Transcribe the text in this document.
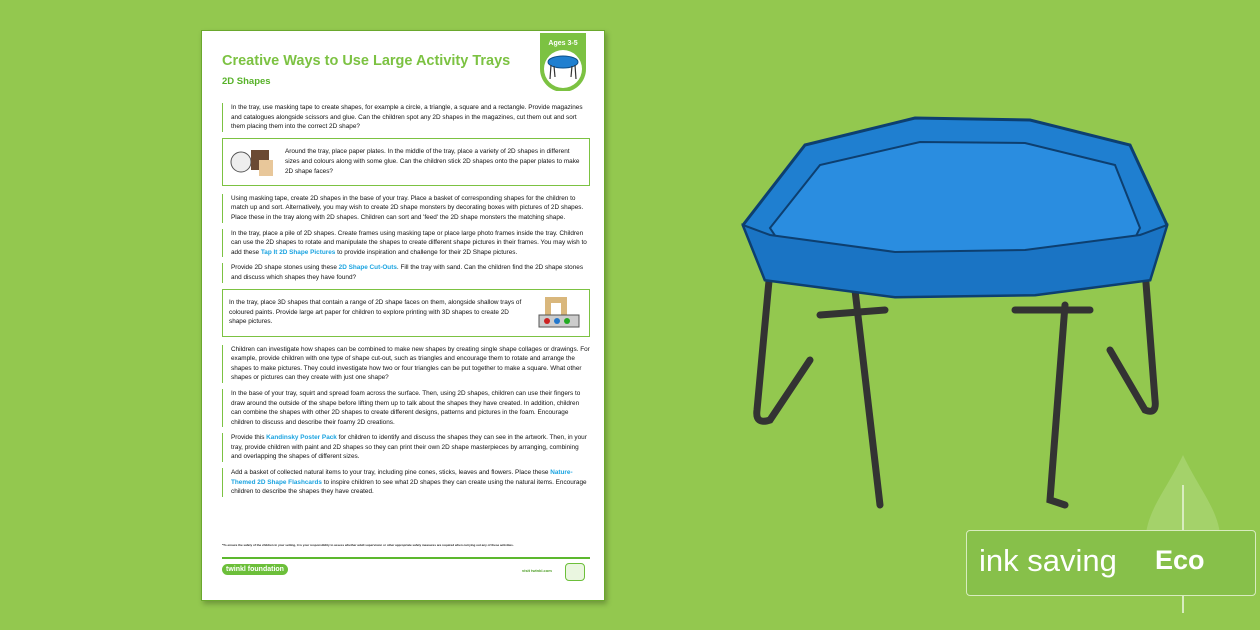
Creative Ways to Use Large Activity Trays
2D Shapes
Ages 3-5
In the tray, use masking tape to create shapes, for example a circle, a triangle, a square and a rectangle. Provide magazines and catalogues alongside scissors and glue. Can the children spot any 2D shapes in the magazines, cut them out and sort them placing them into the correct 2D shape?
Around the tray, place paper plates. In the middle of the tray, place a variety of 2D shapes in different sizes and colours along with some glue. Can the children stick 2D shapes onto the paper plates to make 2D shape faces?
Using masking tape, create 2D shapes in the base of your tray. Place a basket of corresponding shapes for the children to match up and sort. Alternatively, you may wish to create 2D shape monsters by decorating boxes with pictures of 2D shapes. Place these in the tray along with 2D shapes. Children can sort and 'feed' the 2D shape monsters the matching shape.
In the tray, place a pile of 2D shapes. Create frames using masking tape or place large photo frames inside the tray. Children can use the 2D shapes to rotate and manipulate the shapes to create different shape pictures in their frames. You may wish to add these Tap It 2D Shape Pictures to provide inspiration and challenge for their 2D Shape pictures.
Provide 2D shape stones using these 2D Shape Cut-Outs. Fill the tray with sand. Can the children find the 2D shape stones and discuss which shapes they have found?
In the tray, place 3D shapes that contain a range of 2D shape faces on them, alongside shallow trays of coloured paints. Provide large art paper for children to explore printing with 3D shapes to create 2D shape pictures.
Children can investigate how shapes can be combined to make new shapes by creating single shape collages or drawings. For example, provide children with one type of shape cut-out, such as triangles and encourage them to rotate and arrange the shapes to make pictures. They could investigate how two or four triangles can be put together to make a square. What other shapes or pictures can they create with just one shape?
In the base of your tray, squirt and spread foam across the surface. Then, using 2D shapes, children can use their fingers to draw around the outside of the shape before lifting them up to talk about the shapes they have created. In addition, children can combine the shapes with other 2D shapes to create different designs, patterns and pictures in the foam. Encourage children to discuss and describe their foamy 2D creations.
Provide this Kandinsky Poster Pack for children to identify and discuss the shapes they can see in the artwork. Then, in your tray, provide children with paint and 2D shapes so they can print their own 2D shape masterpieces by arranging, combining and overlapping the shapes of different sizes.
Add a basket of collected natural items to your tray, including pine cones, sticks, leaves and flowers. Place these Nature-Themed 2D Shape Flashcards to inspire children to see what 2D shapes they can create using the natural items. Encourage children to describe the shapes they have created.
*To ensure the safety of the children in your setting, it is your responsibility to assess whether adult supervision or other appropriate safety measures are required when carrying out any of these activities.
twinkl foundation	visit twinkl.com	ink saving Eco
